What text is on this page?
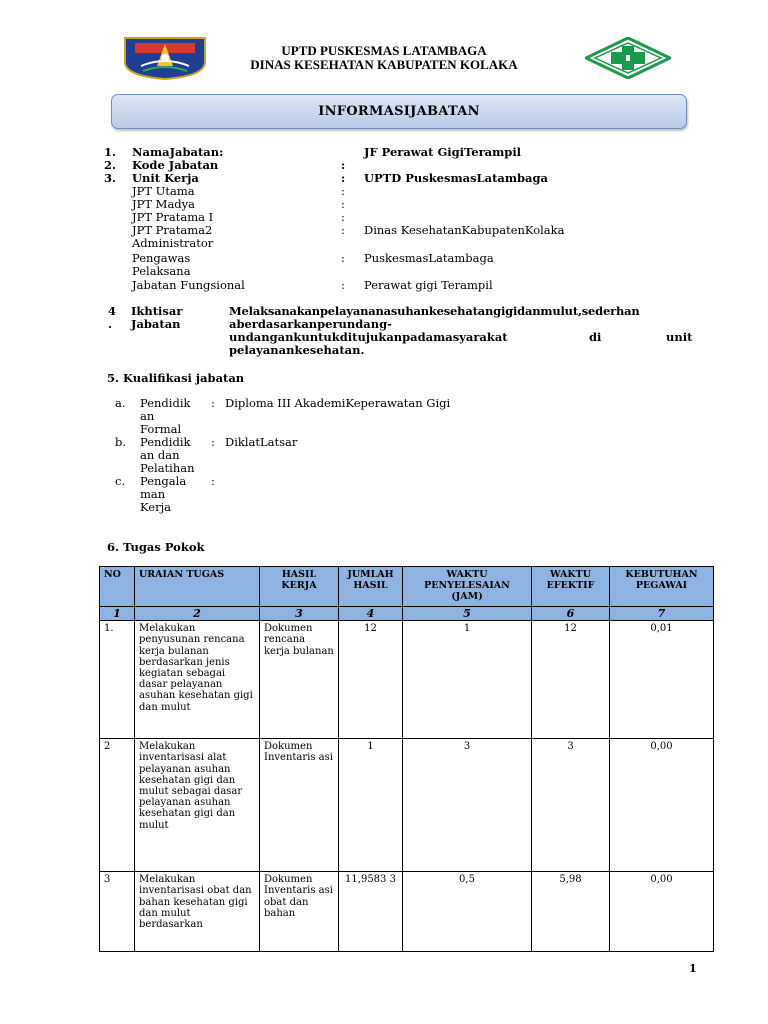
UPTD PUSKESMAS LATAMBAGA
DINAS KESEHATAN KABUPATEN KOLAKA
INFORMASIJABATAN
1. NamaJabatan:	JF Perawat GigiTerampil
2. Kode Jabatan	:
3. Unit Kerja	: UPTD PuskesmasLatambaga
JPT Utama	:
JPT Madya	:
JPT Pratama I	:
JPT Pratama2	: Dinas KesehatanKabupatenKolaka
Administrator
Pengawas	: PuskesmasLatambaga
Pelaksana
Jabatan Fungsional	: Perawat gigi Terampil
4
.
Ikhtisar
Jabatan
Melaksanakanpelayananasuhankesehatangigidanmulut,sederhan
aberdasarkanperundang-
undangankuntukditujukanpadamasyarakat	di	unit
pelayanankesehatan.
5. Kualifikasi jabatan
a. Pendidik
an
Formal
: Diploma III AkademiKeperawatan Gigi
b. Pendidik
an dan
Pelatihan
: DiklatLatsar
c. Pengala
man
Kerja
:
6. Tugas Pokok
NO	URAIAN TUGAS	HASIL KERJA	JUMLAH HASIL	WAKTU PENYELESAIAN (JAM)	WAKTU EFEKTIF	KEBUTUHAN PEGAWAI
1	2	3	4	5	6	7
1.	Melakukan penyusunan rencana kerja bulanan berdasarkan jenis kegiatan sebagai dasar pelayanan asuhan kesehatan gigi dan mulut	Dokumen rencana kerja bulanan	12	1	12	0,01
2	Melakukan inventarisasi alat pelayanan asuhan kesehatan gigi dan mulut sebagai dasar pelayanan asuhan kesehatan gigi dan mulut	Dokumen Inventaris asi	1	3	3	0,00
3	Melakukan inventarisasi obat dan bahan kesehatan gigi dan mulut berdasarkan	Dokumen Inventaris asi obat dan bahan	11,9583 3	0,5	5,98	0,00
1
